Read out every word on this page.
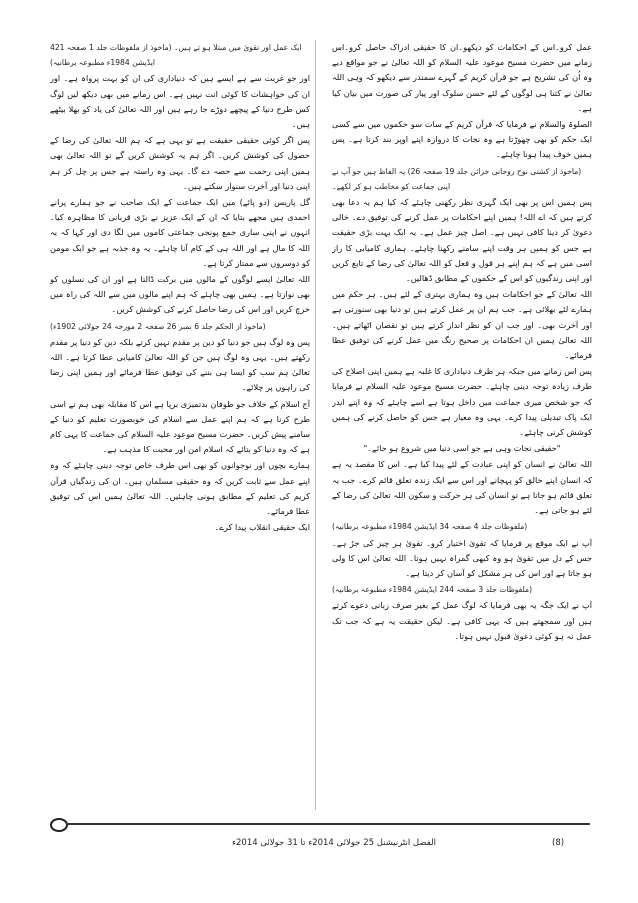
عمل کرو۔اس کے احکامات کو دیکھو۔ان کا حقیقی ادراک حاصل کرو۔اس زمانے میں حضرت مسیح موعود علیہ السلام کو اللہ تعالیٰ نے جو مواقع دیے وہ اُن کی تشریح ہے جو قرآن کریم کے گہرے سمندر سے دیکھو کہ وہی اللہ تعالیٰ نے کتنا ہی لوگوں کے لئے حسن سلوک اور پیار کی صورت میں بیان کیا ہے۔

الصلوۃ والسلام نے فرمایا کہ قرآن کریم کے سات سو حکموں میں سے کسی ایک حکم کو بھی چھوڑتا ہے وہ نجات کا دروازہ اپنے اوپر بند کرتا ہے۔ پس ہمیں خوف پیدا ہونا چاہئے۔

(ماخوذ از کشتی نوح روحانی خزائن جلد 19 صفحہ 26) یہ الفاظ ہیں جو آپ نے اپنی جماعت کو مخاطب ہو کر لکھے۔

پس ہمیں اس پر بھی ایک گہری نظر رکھنی چاہئے کہ کیا ہم یہ دعا بھی کرتے ہیں کہ اے اللہ! ہمیں اپنے احکامات پر عمل کرنے کی توفیق دے۔ خالی دعویٰ کر دینا کافی نہیں ہے۔ اصل چیز عمل ہے۔ یہ ایک بہت بڑی حقیقت ہے جس کو ہمیں ہر وقت اپنے سامنے رکھنا چاہئے۔ ہماری کامیابی کا راز اسی میں ہے کہ ہم اپنے ہر قول و فعل کو اللہ تعالیٰ کی رضا کے تابع کریں اور اپنی زندگیوں کو اس کے حکموں کے مطابق ڈھالیں۔

اللہ تعالیٰ کے جو احکامات ہیں وہ ہماری بہتری کے لئے ہیں۔ ہر حکم میں ہمارے لئے بھلائی ہے۔ جب ہم ان پر عمل کرتے ہیں تو دنیا بھی سنورتی ہے اور آخرت بھی۔ اور جب ان کو نظر انداز کرتے ہیں تو نقصان اٹھاتے ہیں۔ اللہ تعالیٰ ہمیں ان احکامات پر صحیح رنگ میں عمل کرنے کی توفیق عطا فرمائے۔

پس اس زمانے میں جبکہ ہر طرف دنیاداری کا غلبہ ہے ہمیں اپنی اصلاح کی طرف زیادہ توجہ دینی چاہئے۔ حضرت مسیح موعود علیہ السلام نے فرمایا کہ جو شخص میری جماعت میں داخل ہوتا ہے اسے چاہئے کہ وہ اپنے اندر ایک پاک تبدیلی پیدا کرے۔ یہی وہ معیار ہے جس کو حاصل کرنے کی ہمیں کوشش کرنی چاہئے۔

"حقیقی نجات وہی ہے جو اسی دنیا میں شروع ہو جائے۔"

اللہ تعالیٰ نے انسان کو اپنی عبادت کے لئے پیدا کیا ہے۔ اس کا مقصد یہ ہے کہ انسان اپنے خالق کو پہچانے اور اس سے ایک زندہ تعلق قائم کرے۔ جب یہ تعلق قائم ہو جاتا ہے تو انسان کی ہر حرکت و سکون اللہ تعالیٰ کی رضا کے لئے ہو جاتی ہے۔

(ملفوظات جلد 4 صفحہ 34 ایڈیشن 1984ء مطبوعہ برطانیہ)

آپ نے ایک موقع پر فرمایا کہ تقویٰ اختیار کرو۔ تقویٰ ہر چیز کی جڑ ہے۔ جس کے دل میں تقویٰ ہو وہ کبھی گمراہ نہیں ہوتا۔ اللہ تعالیٰ اس کا ولی ہو جاتا ہے اور اس کی ہر مشکل کو آسان کر دیتا ہے۔

(ملفوظات جلد 3 صفحہ 244 ایڈیشن 1984ء مطبوعہ برطانیہ)

آپ نے ایک جگہ یہ بھی فرمایا کہ لوگ عمل کے بغیر صرف زبانی دعوے کرتے ہیں اور سمجھتے ہیں کہ یہی کافی ہے۔ لیکن حقیقت یہ ہے کہ جب تک عمل نہ ہو کوئی دعویٰ قبول نہیں ہوتا۔

ایک عمل اور تقویٰ میں مبتلا ہو تے ہیں۔ (ماخوذ از ملفوظات جلد 1 صفحہ 421 ایڈیشن 1984ء مطبوعہ برطانیہ)

اور جو غربت سے ہے ایسے ہیں کہ دنیاداری کی ان کو بہت پرواہ ہے۔ اور ان کی خواہشات کا کوئی انت نہیں ہے۔ اس زمانے میں بھی دیکھ لیں لوگ کس طرح دنیا کے پیچھے دوڑے جا رہے ہیں اور اللہ تعالیٰ کی یاد کو بھلا بیٹھے ہیں۔

پس اگر کوئی حقیقی حقیقت ہے تو یہی ہے کہ ہم اللہ تعالیٰ کی رضا کے حصول کی کوشش کریں۔ اگر ہم یہ کوشش کریں گے تو اللہ تعالیٰ بھی ہمیں اپنی رحمت سے حصہ دے گا۔ یہی وہ راستہ ہے جس پر چل کر ہم اپنی دنیا اور آخرت سنوار سکتے ہیں۔

گل پاریس (دو پائے) میں ایک جماعت کے ایک صاحب نے جو ہمارے پرانے احمدی ہیں مجھے بتایا کہ ان کے ایک عزیز نے بڑی قربانی کا مظاہرہ کیا۔ انہوں نے اپنی ساری جمع پونجی جماعتی کاموں میں لگا دی اور کہا کہ یہ اللہ کا مال ہے اور اللہ ہی کے کام آنا چاہئے۔ یہ وہ جذبہ ہے جو ایک مومن کو دوسروں سے ممتاز کرتا ہے۔

اللہ تعالیٰ ایسے لوگوں کے مالوں میں برکت ڈالتا ہے اور ان کی نسلوں کو بھی نوازتا ہے۔ ہمیں بھی چاہئے کہ ہم اپنے مالوں میں سے اللہ کی راہ میں خرچ کریں اور اس کی رضا حاصل کرنے کی کوشش کریں۔

(ماخوذ از الحکم جلد 6 نمبر 26 صفحہ 2 مورخہ 24 جولائی 1902ء)

پس وہ لوگ ہیں جو دنیا کو دین پر مقدم نہیں کرتے بلکہ دین کو دنیا پر مقدم رکھتے ہیں۔ یہی وہ لوگ ہیں جن کو اللہ تعالیٰ کامیابی عطا کرتا ہے۔ اللہ تعالیٰ ہم سب کو ایسا ہی بننے کی توفیق عطا فرمائے اور ہمیں اپنی رضا کی راہوں پر چلائے۔

آج اسلام کے خلاف جو طوفان بدتمیزی برپا ہے اس کا مقابلہ بھی ہم نے اسی طرح کرنا ہے کہ ہم اپنے عمل سے اسلام کی خوبصورت تعلیم کو دنیا کے سامنے پیش کریں۔ حضرت مسیح موعود علیہ السلام کی جماعت کا یہی کام ہے کہ وہ دنیا کو بتائے کہ اسلام امن اور محبت کا مذہب ہے۔

ہمارے بچوں اور نوجوانوں کو بھی اس طرف خاص توجہ دینی چاہئے کہ وہ اپنے عمل سے ثابت کریں کہ وہ حقیقی مسلمان ہیں۔ ان کی زندگیاں قرآن کریم کی تعلیم کے مطابق ہونی چاہئیں۔ اللہ تعالیٰ ہمیں اس کی توفیق عطا فرمائے۔

ایک حقیقی انقلاب پیدا کرے۔

(8)
الفضل انٹرنیشنل 25 جولائی 2014ء تا 31 جولائی 2014ء
